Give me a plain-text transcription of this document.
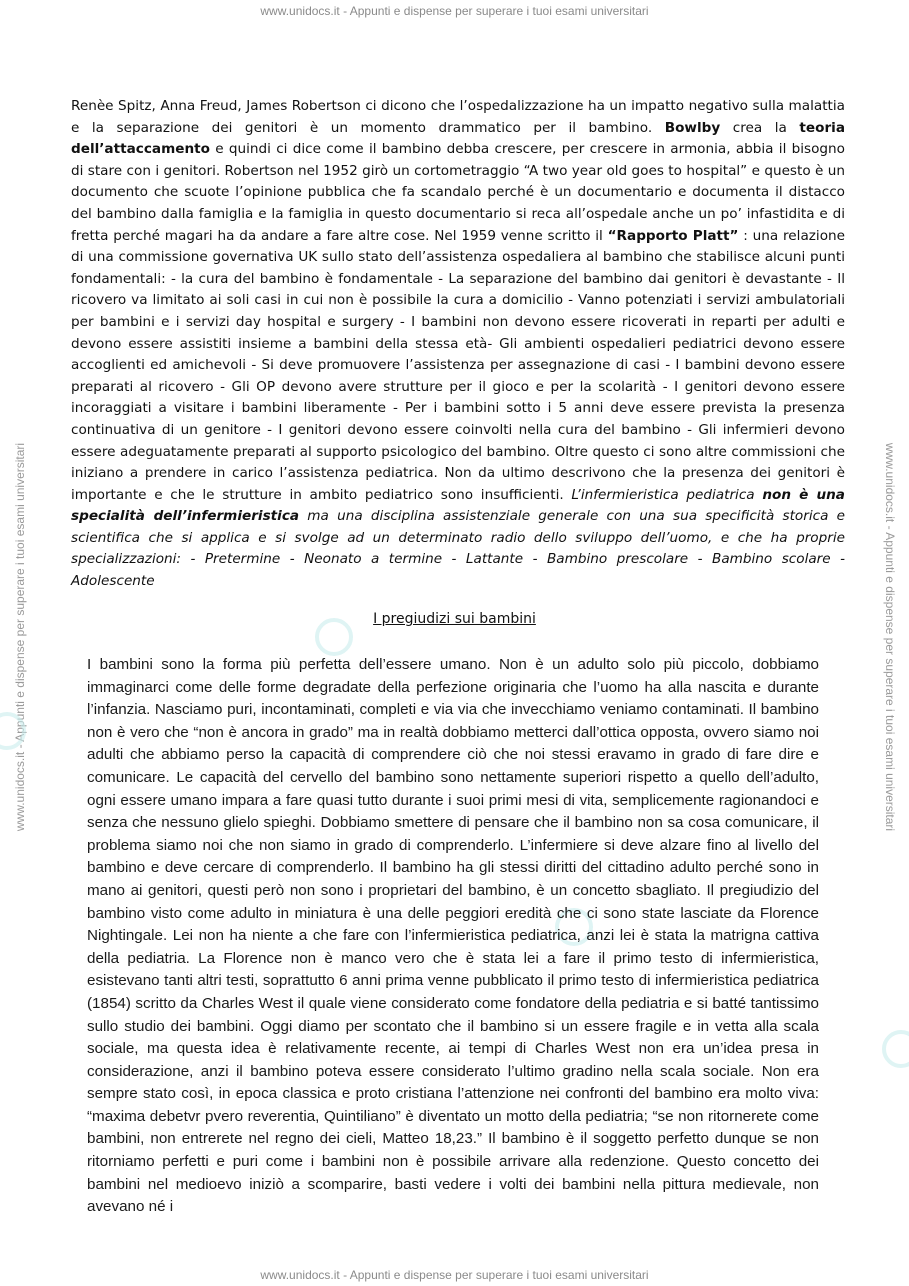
www.unidocs.it - Appunti e dispense per superare i tuoi esami universitari
www.unidocs.it - Appunti e dispense per superare i tuoi esami universitari	www.unidocs.it - Appunti e dispense per superare i tuoi esami universitari
Renèe Spitz, Anna Freud, James Robertson ci dicono che l’ospedalizzazione ha un impatto negativo sulla malattia e la separazione dei genitori è un momento drammatico per il bambino. Bowlby crea la teoria dell’attaccamento e quindi ci dice come il bambino debba crescere, per crescere in armonia, abbia il bisogno di stare con i genitori. Robertson nel 1952 girò un cortometraggio “A two year old goes to hospital” e questo è un documento che scuote l’opinione pubblica che fa scandalo perché è un documentario e documenta il distacco del bambino dalla famiglia e la famiglia in questo documentario si reca all’ospedale anche un po’ infastidita e di fretta perché magari ha da andare a fare altre cose. Nel 1959 venne scritto il “Rapporto Platt” : una relazione di una commissione governativa UK sullo stato dell’assistenza ospedaliera al bambino che stabilisce alcuni punti fondamentali: - la cura del bambino è fondamentale - La separazione del bambino dai genitori è devastante - Il ricovero va limitato ai soli casi in cui non è possibile la cura a domicilio - Vanno potenziati i servizi ambulatoriali per bambini e i servizi day hospital e surgery - I bambini non devono essere ricoverati in reparti per adulti e devono essere assistiti insieme a bambini della stessa età- Gli ambienti ospedalieri pediatrici devono essere accoglienti ed amichevoli - Si deve promuovere l’assistenza per assegnazione di casi - I bambini devono essere preparati al ricovero - Gli OP devono avere strutture per il gioco e per la scolarità - I genitori devono essere incoraggiati a visitare i bambini liberamente - Per i bambini sotto i 5 anni deve essere prevista la presenza continuativa di un genitore - I genitori devono essere coinvolti nella cura del bambino - Gli infermieri devono essere adeguatamente preparati al supporto psicologico del bambino. Oltre questo ci sono altre commissioni che iniziano a prendere in carico l’assistenza pediatrica. Non da ultimo descrivono che la presenza dei genitori è importante e che le strutture in ambito pediatrico sono insufficienti. L’infermieristica pediatrica non è una specialità dell’infermieristica ma una disciplina assistenziale generale con una sua specificità storica e scientifica che si applica e si svolge ad un determinato radio dello sviluppo dell’uomo, e che ha proprie specializzazioni: - Pretermine - Neonato a termine - Lattante - Bambino prescolare - Bambino scolare - Adolescente
I pregiudizi sui bambini
I bambini sono la forma più perfetta dell’essere umano. Non è un adulto solo più piccolo, dobbiamo immaginarci come delle forme degradate della perfezione originaria che l’uomo ha alla nascita e durante l’infanzia. Nasciamo puri, incontaminati, completi e via via che invecchiamo veniamo contaminati. Il bambino non è vero che “non è ancora in grado” ma in realtà dobbiamo metterci dall’ottica opposta, ovvero siamo noi adulti che abbiamo perso la capacità di comprendere ciò che noi stessi eravamo in grado di fare dire e comunicare. Le capacità del cervello del bambino sono nettamente superiori rispetto a quello dell’adulto, ogni essere umano impara a fare quasi tutto durante i suoi primi mesi di vita, semplicemente ragionandoci e senza che nessuno glielo spieghi. Dobbiamo smettere di pensare che il bambino non sa cosa comunicare, il problema siamo noi che non siamo in grado di comprenderlo. L’infermiere si deve alzare fino al livello del bambino e deve cercare di comprenderlo. Il bambino ha gli stessi diritti del cittadino adulto perché sono in mano ai genitori, questi però non sono i proprietari del bambino, è un concetto sbagliato. Il pregiudizio del bambino visto come adulto in miniatura è una delle peggiori eredità che ci sono state lasciate da Florence Nightingale. Lei non ha niente a che fare con l’infermieristica pediatrica, anzi lei è stata la matrigna cattiva della pediatria. La Florence non è manco vero che è stata lei a fare il primo testo di infermieristica, esistevano tanti altri testi, soprattutto 6 anni prima venne pubblicato il primo testo di infermieristica pediatrica (1854) scritto da Charles West il quale viene considerato come fondatore della pediatria e si batté tantissimo sullo studio dei bambini. Oggi diamo per scontato che il bambino si un essere fragile e in vetta alla scala sociale, ma questa idea è relativamente recente, ai tempi di Charles West non era un’idea presa in considerazione, anzi il bambino poteva essere considerato l’ultimo gradino nella scala sociale. Non era sempre stato così, in epoca classica e proto cristiana l’attenzione nei confronti del bambino era molto viva: “maxima debetvr pvero reverentia, Quintiliano” è diventato un motto della pediatria; “se non ritornerete come bambini, non entrerete nel regno dei cieli, Matteo 18,23.” Il bambino è il soggetto perfetto dunque se non ritorniamo perfetti e puri come i bambini non è possibile arrivare alla redenzione. Questo concetto dei bambini nel medioevo iniziò a scomparire, basti vedere i volti dei bambini nella pittura medievale, non avevano né i
www.unidocs.it - Appunti e dispense per superare i tuoi esami universitari
